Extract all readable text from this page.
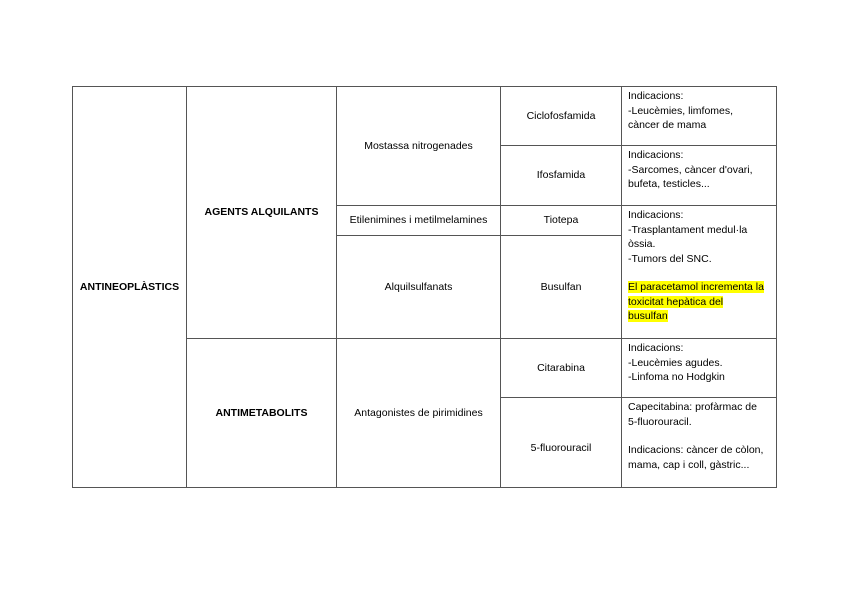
ANTINEOPLÀSTICS
AGENTS ALQUILANTS
ANTIMETABOLITS
Mostassa nitrogenades
Etilenimines i metilmelamines
Alquilsulfanats
Antagonistes de pirimidines
Ciclofosfamida
Ifosfamida
Tiotepa
Busulfan
Citarabina
5-fluorouracil
Indicacions:
-Leucèmies, limfomes,
càncer de mama
Indicacions:
-Sarcomes, càncer d'ovari,
bufeta, testicles...
Indicacions:
-Trasplantament medul·la
òssia.
-Tumors del SNC.
El paracetamol incrementa la
toxicitat hepàtica del
busulfan
Indicacions:
-Leucèmies agudes.
-Linfoma no Hodgkin
Capecitabina: profàrmac de
5-fluorouracil.
Indicacions: càncer de còlon,
mama, cap i coll, gàstric...
